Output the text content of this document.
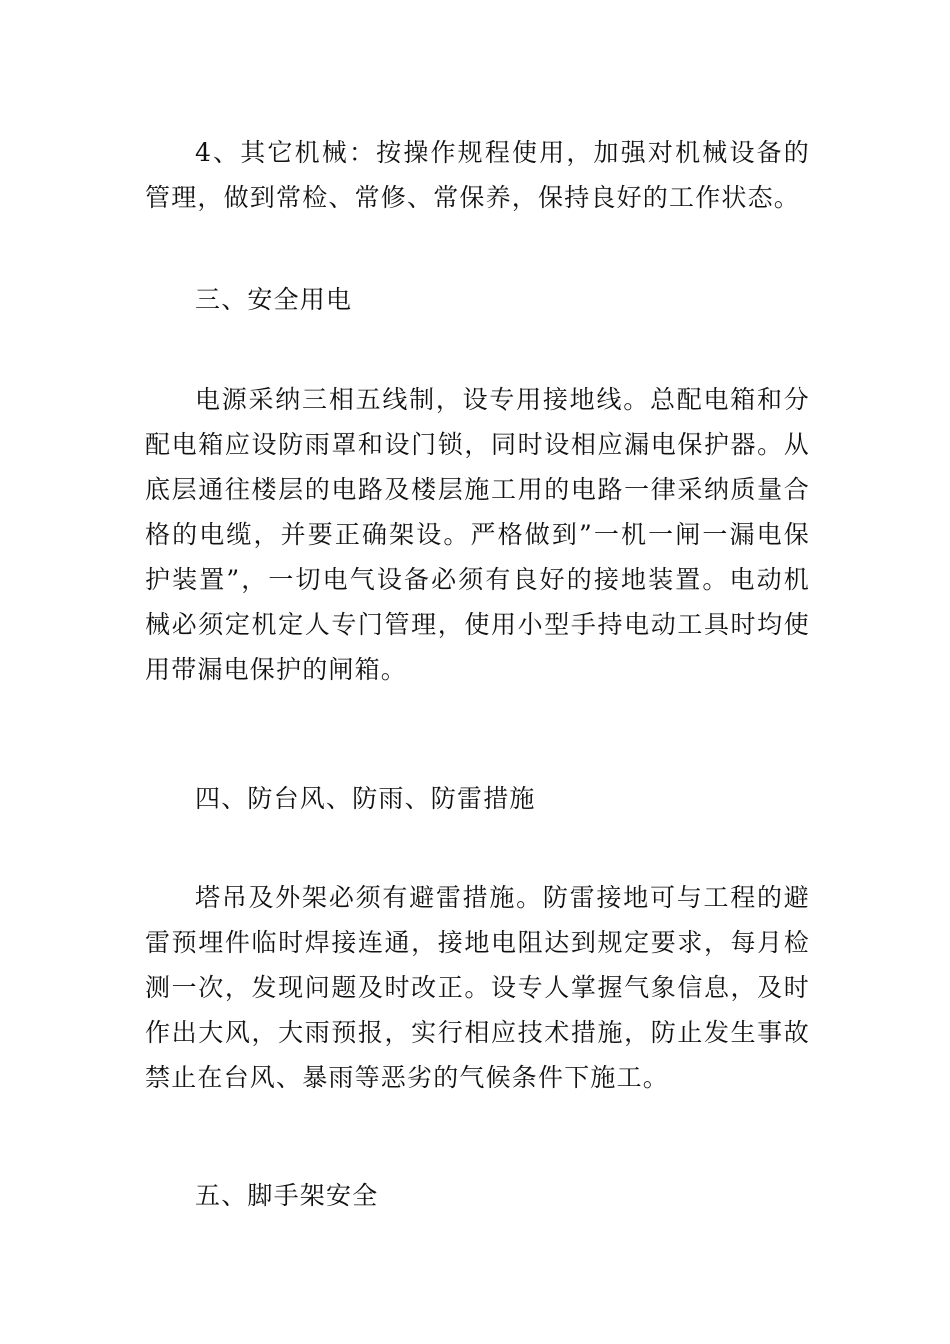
4、其它机械：按操作规程使用，加强对机械设备的管理，做到常检、常修、常保养，保持良好的工作状态。

三、安全用电

电源采纳三相五线制，设专用接地线。总配电箱和分配电箱应设防雨罩和设门锁，同时设相应漏电保护器。从底层通往楼层的电路及楼层施工用的电路一律采纳质量合格的电缆，并要正确架设。严格做到”一机一闸一漏电保护装置”，一切电气设备必须有良好的接地装置。电动机械必须定机定人专门管理，使用小型手持电动工具时均使用带漏电保护的闸箱。

四、防台风、防雨、防雷措施

塔吊及外架必须有避雷措施。防雷接地可与工程的避雷预埋件临时焊接连通，接地电阻达到规定要求，每月检测一次，发现问题及时改正。设专人掌握气象信息，及时作出大风，大雨预报，实行相应技术措施，防止发生事故禁止在台风、暴雨等恶劣的气候条件下施工。

五、脚手架安全
